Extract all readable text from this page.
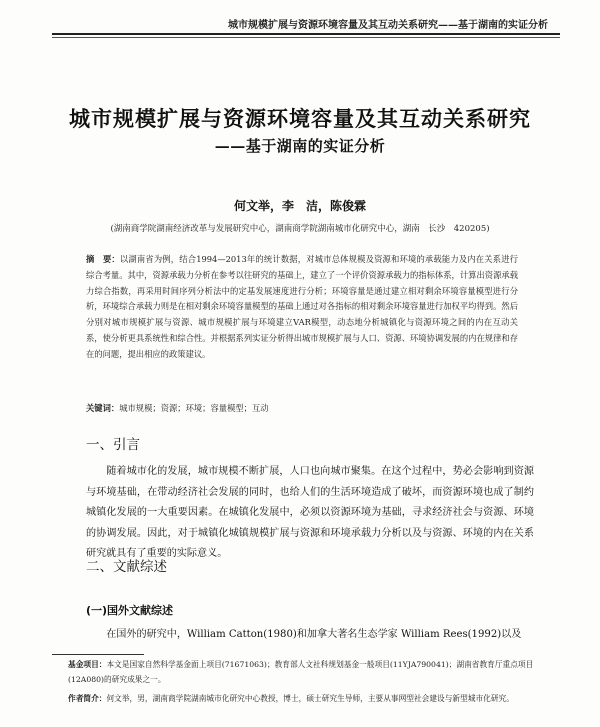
城市规模扩展与资源环境容量及其互动关系研究——基于湖南的实证分析
城市规模扩展与资源环境容量及其互动关系研究
——基于湖南的实证分析
何文举，李　洁，陈俊霖
(湖南商学院湖南经济改革与发展研究中心，湖南商学院湖南城市化研究中心，湖南　长沙　420205)
摘　要：以湖南省为例，结合1994—2013年的统计数据，对城市总体规模及资源和环境的承载能力及内在关系进行综合考量。其中，资源承载力分析在参考以往研究的基础上，建立了一个评价资源承载力的指标体系，计算出资源承载力综合指数，再采用时间序列分析法中的定基发展速度进行分析；环境容量是通过建立相对剩余环境容量模型进行分析，环境综合承载力则是在相对剩余环境容量模型的基础上通过对各指标的相对剩余环境容量进行加权平均得到。然后分别对城市规模扩展与资源、城市规模扩展与环境建立VAR模型，动态地分析城镇化与资源环境之间的内在互动关系，使分析更具系统性和综合性。并根据系列实证分析得出城市规模扩展与人口、资源、环境协调发展的内在规律和存在的问题，提出相应的政策建议。
关键词：城市规模；资源；环境；容量模型；互动
一、引言
随着城市化的发展，城市规模不断扩展，人口也向城市聚集。在这个过程中，势必会影响到资源与环境基础，在带动经济社会发展的同时，也给人们的生活环境造成了破坏，而资源环境也成了制约城镇化发展的一大重要因素。在城镇化发展中，必须以资源环境为基础，寻求经济社会与资源、环境的协调发展。因此，对于城镇化城镇规模扩展与资源和环境承载力分析以及与资源、环境的内在关系研究就具有了重要的实际意义。
二、文献综述
(一)国外文献综述
在国外的研究中，William Catton(1980)和加拿大著名生态学家 William Rees(1992)以及
基金项目：本文是国家自然科学基金面上项目(71671063)；教育部人文社科规划基金一般项目(11YJA790041)；湖南省教育厅重点项目(12A080)的研究成果之一。
作者简介：何文举，男，湖南商学院湖南城市化研究中心教授，博士，硕士研究生导师，主要从事网型社会建设与新型城市化研究。
